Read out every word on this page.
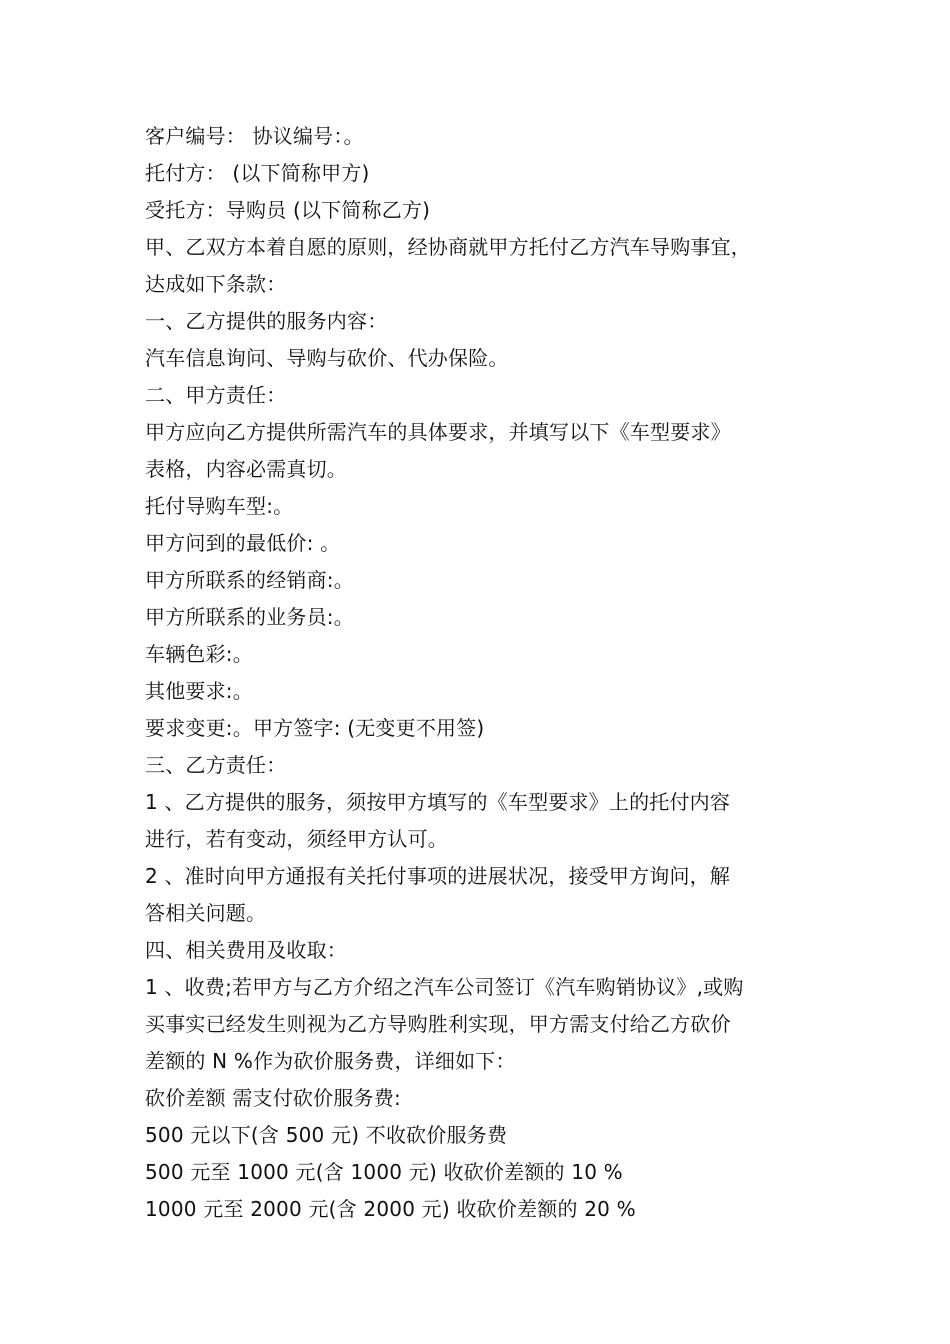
客户编号： 协议编号：。
托付方： (以下简称甲方)
受托方：导购员 (以下简称乙方)
甲、乙双方本着自愿的原则，经协商就甲方托付乙方汽车导购事宜，
达成如下条款：
一、乙方提供的服务内容：
汽车信息询问、导购与砍价、代办保险。
二、甲方责任：
甲方应向乙方提供所需汽车的具体要求，并填写以下《车型要求》
表格，内容必需真切。
托付导购车型:。
甲方问到的最低价: 。
甲方所联系的经销商:。
甲方所联系的业务员:。
车辆色彩:。
其他要求:。
要求变更:。甲方签字: (无变更不用签)
三、乙方责任：
1 、乙方提供的服务，须按甲方填写的《车型要求》上的托付内容
进行，若有变动，须经甲方认可。
2 、准时向甲方通报有关托付事项的进展状况，接受甲方询问，解
答相关问题。
四、相关费用及收取：
1 、收费;若甲方与乙方介绍之汽车公司签订《汽车购销协议》,或购
买事实已经发生则视为乙方导购胜利实现，甲方需支付给乙方砍价
差额的 N %作为砍价服务费，详细如下：
砍价差额 需支付砍价服务费:
500 元以下(含 500 元) 不收砍价服务费
500 元至 1000 元(含 1000 元) 收砍价差额的 10 %
1000 元至 2000 元(含 2000 元) 收砍价差额的 20 %
